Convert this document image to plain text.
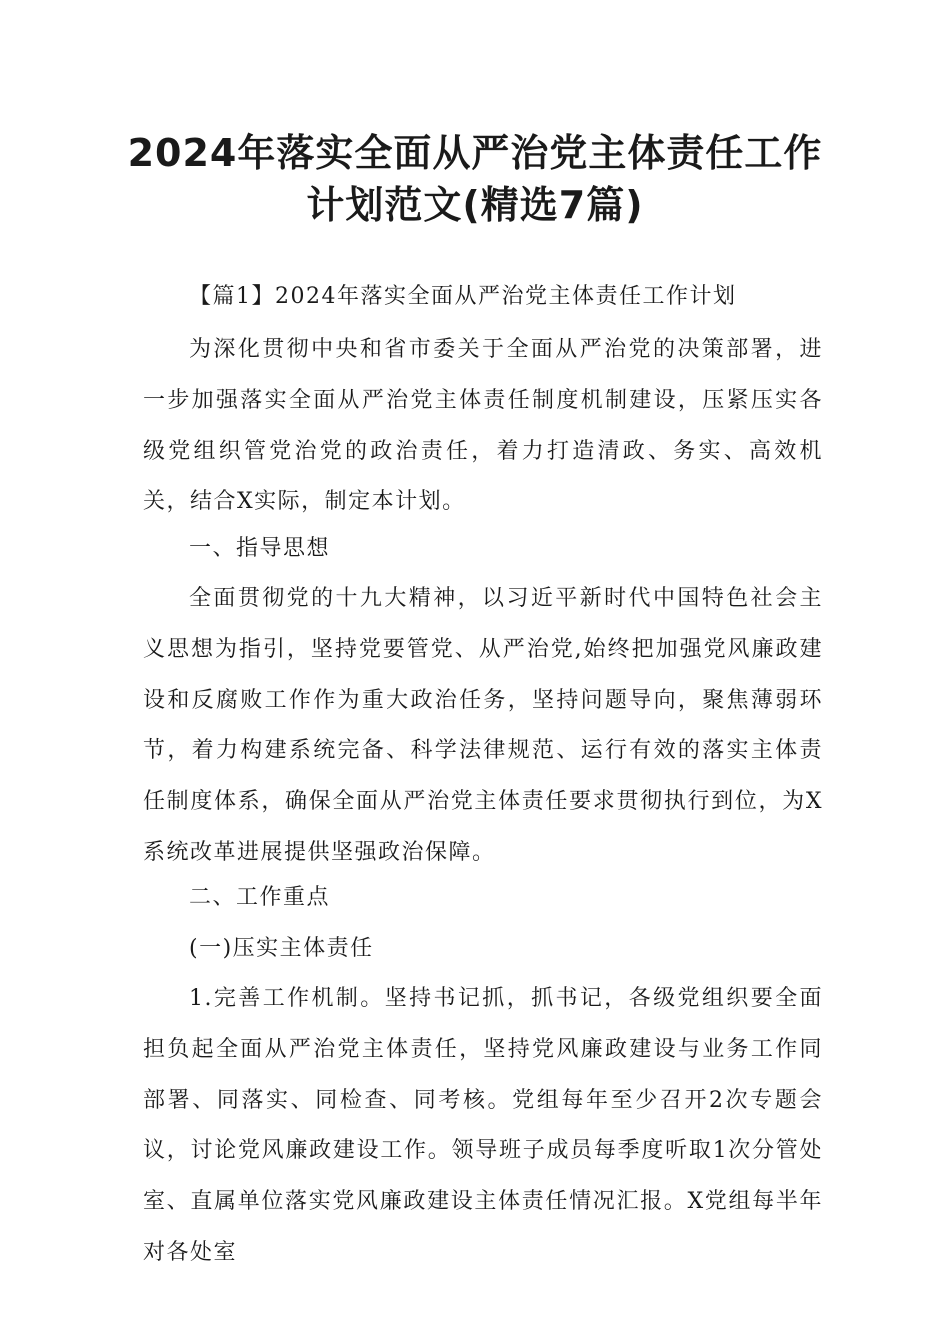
2024年落实全面从严治党主体责任工作
计划范文(精选7篇)

【篇1】2024年落实全面从严治党主体责任工作计划

为深化贯彻中央和省市委关于全面从严治党的决策部署，进一步加强落实全面从严治党主体责任制度机制建设，压紧压实各级党组织管党治党的政治责任，着力打造清政、务实、高效机关，结合X实际，制定本计划。

一、指导思想

全面贯彻党的十九大精神，以习近平新时代中国特色社会主义思想为指引，坚持党要管党、从严治党,始终把加强党风廉政建设和反腐败工作作为重大政治任务，坚持问题导向，聚焦薄弱环节，着力构建系统完备、科学法律规范、运行有效的落实主体责任制度体系，确保全面从严治党主体责任要求贯彻执行到位，为X系统改革进展提供坚强政治保障。

二、工作重点

(一)压实主体责任

1.完善工作机制。坚持书记抓，抓书记，各级党组织要全面担负起全面从严治党主体责任，坚持党风廉政建设与业务工作同部署、同落实、同检查、同考核。党组每年至少召开2次专题会议，讨论党风廉政建设工作。领导班子成员每季度听取1次分管处室、直属单位落实党风廉政建设主体责任情况汇报。X党组每半年对各处室
